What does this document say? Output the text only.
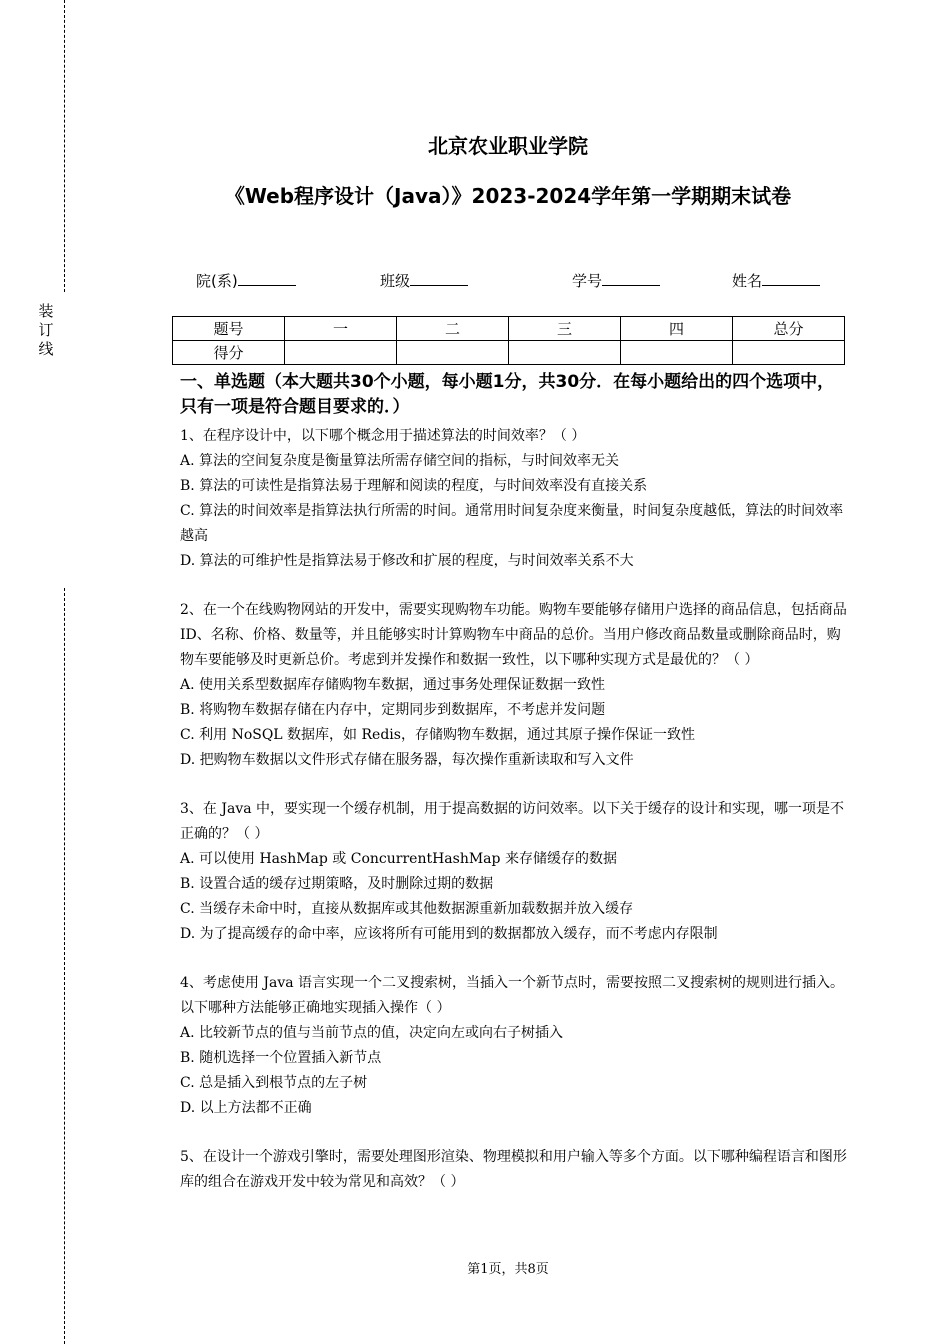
装
订
线
北京农业职业学院
《Web程序设计（Java）》2023-2024学年第一学期期末试卷
院(系)	班级	学号	姓名
题号	一	二	三	四	总分
得分					

一、单选题（本大题共30个小题，每小题1分，共30分．在每小题给出的四个选项中，只有一项是符合题目要求的．）

1、在程序设计中，以下哪个概念用于描述算法的时间效率？（ ）

A. 算法的空间复杂度是衡量算法所需存储空间的指标，与时间效率无关

B. 算法的可读性是指算法易于理解和阅读的程度，与时间效率没有直接关系

C. 算法的时间效率是指算法执行所需的时间。通常用时间复杂度来衡量，时间复杂度越低，算法的时间效率越高

D. 算法的可维护性是指算法易于修改和扩展的程度，与时间效率关系不大

2、在一个在线购物网站的开发中，需要实现购物车功能。购物车要能够存储用户选择的商品信息，包括商品 ID、名称、价格、数量等，并且能够实时计算购物车中商品的总价。当用户修改商品数量或删除商品时，购物车要能够及时更新总价。考虑到并发操作和数据一致性，以下哪种实现方式是最优的？（ ）

A. 使用关系型数据库存储购物车数据，通过事务处理保证数据一致性

B. 将购物车数据存储在内存中，定期同步到数据库，不考虑并发问题

C. 利用 NoSQL 数据库，如 Redis，存储购物车数据，通过其原子操作保证一致性

D. 把购物车数据以文件形式存储在服务器，每次操作重新读取和写入文件

3、在 Java 中，要实现一个缓存机制，用于提高数据的访问效率。以下关于缓存的设计和实现，哪一项是不正确的？（ ）

A. 可以使用 HashMap 或 ConcurrentHashMap 来存储缓存的数据

B. 设置合适的缓存过期策略，及时删除过期的数据

C. 当缓存未命中时，直接从数据库或其他数据源重新加载数据并放入缓存

D. 为了提高缓存的命中率，应该将所有可能用到的数据都放入缓存，而不考虑内存限制

4、考虑使用 Java 语言实现一个二叉搜索树，当插入一个新节点时，需要按照二叉搜索树的规则进行插入。以下哪种方法能够正确地实现插入操作（ ）

A. 比较新节点的值与当前节点的值，决定向左或向右子树插入

B. 随机选择一个位置插入新节点

C. 总是插入到根节点的左子树

D. 以上方法都不正确

5、在设计一个游戏引擎时，需要处理图形渲染、物理模拟和用户输入等多个方面。以下哪种编程语言和图形库的组合在游戏开发中较为常见和高效？（ ）

第1页，共8页
